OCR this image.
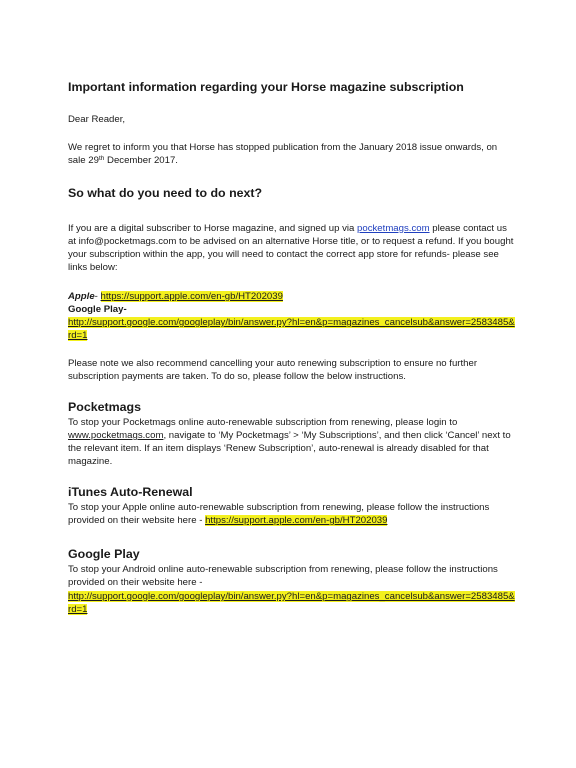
Important information regarding your Horse magazine subscription

Dear Reader,

We regret to inform you that Horse has stopped publication from the January 2018 issue onwards, on sale 29th December 2017.

So what do you need to do next?

If you are a digital subscriber to Horse magazine, and signed up via pocketmags.com please contact us at info@pocketmags.com to be advised on an alternative Horse title, or to request a refund. If you bought your subscription within the app, you will need to contact the correct app store for refunds- please see links below:

Apple- https://support.apple.com/en-gb/HT202039
Google Play-
http://support.google.com/googleplay/bin/answer.py?hl=en&p=magazines_cancelsub&answer=2583485&
rd=1

Please note we also recommend cancelling your auto renewing subscription to ensure no further subscription payments are taken. To do so, please follow the below instructions.

Pocketmags

To stop your Pocketmags online auto-renewable subscription from renewing, please login to www.pocketmags.com, navigate to ‘My Pocketmags’ > ‘My Subscriptions’, and then click ‘Cancel’ next to the relevant item. If an item displays ‘Renew Subscription’, auto-renewal is already disabled for that magazine.

iTunes Auto-Renewal

To stop your Apple online auto-renewable subscription from renewing, please follow the instructions provided on their website here - https://support.apple.com/en-gb/HT202039

Google Play

To stop your Android online auto-renewable subscription from renewing, please follow the instructions provided on their website here -

http://support.google.com/googleplay/bin/answer.py?hl=en&p=magazines_cancelsub&answer=2583485&
rd=1
